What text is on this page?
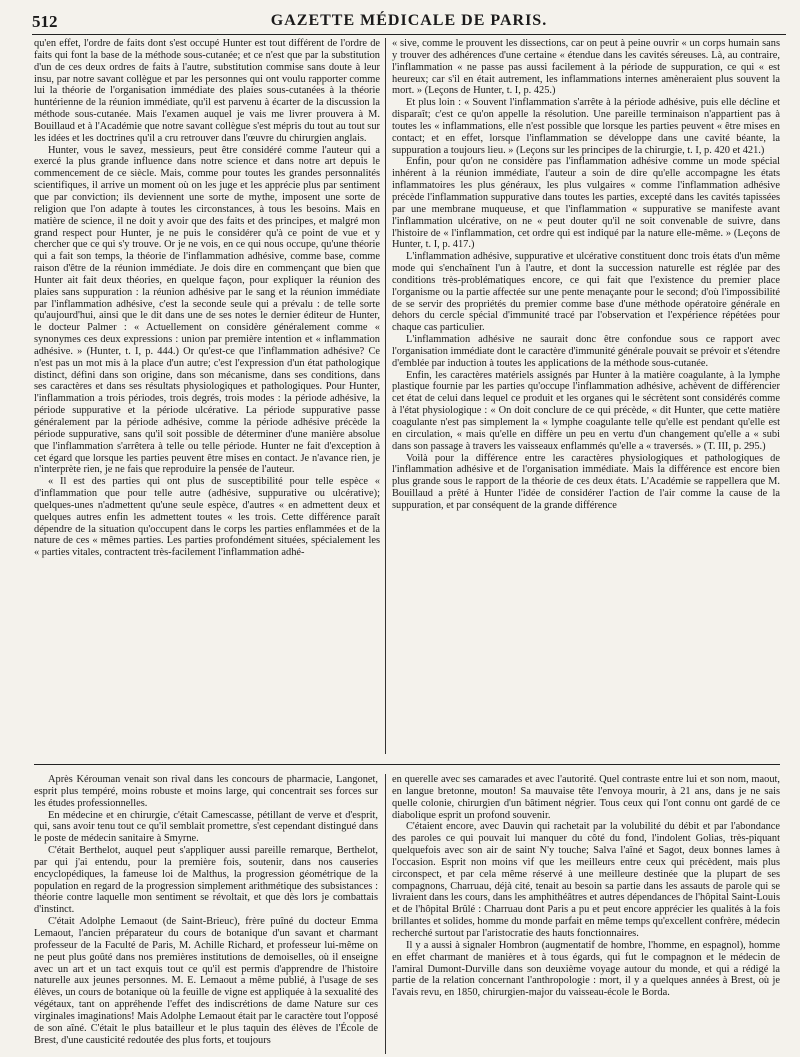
512	GAZETTE MÉDICALE DE PARIS.

qu'en effet, l'ordre de faits dont s'est occupé Hunter est tout différent de l'ordre de faits qui font la base de la méthode sous-cutanée; et ce n'est que par la substitution d'un de ces deux ordres de faits à l'autre, substitution commise sans doute à leur insu, par notre savant collègue et par les personnes qui ont voulu rapporter comme lui la théorie de l'organisation immédiate des plaies sous-cutanées à la théorie huntérienne de la réunion immédiate, qu'il est parvenu à écarter de la discussion la méthode sous-cutanée. Mais l'examen auquel je vais me livrer prouvera à M. Bouillaud et à l'Académie que notre savant collègue s'est mépris du tout au tout sur les idées et les doctrines qu'il a cru retrouver dans l'œuvre du chirurgien anglais.

Hunter, vous le savez, messieurs, peut être considéré comme l'auteur qui a exercé la plus grande influence dans notre science et dans notre art depuis le commencement de ce siècle. Mais, comme pour toutes les grandes personnalités scientifiques, il arrive un moment où on les juge et les apprécie plus par sentiment que par conviction; ils deviennent une sorte de mythe, imposent une sorte de religion que l'on adapte à toutes les circonstances, à tous les besoins. Mais en matière de science, il ne doit y avoir que des faits et des principes, et malgré mon grand respect pour Hunter, je ne puis le considérer qu'à ce point de vue et y chercher que ce qui s'y trouve. Or je ne vois, en ce qui nous occupe, qu'une théorie qui a fait son temps, la théorie de l'inflammation adhésive, comme base, comme raison d'être de la réunion immédiate. Je dois dire en commençant que bien que Hunter ait fait deux théories, en quelque façon, pour expliquer la réunion des plaies sans suppuration : la réunion adhésive par le sang et la réunion immédiate par l'inflammation adhésive, c'est la seconde seule qui a prévalu : de telle sorte qu'aujourd'hui, ainsi que le dit dans une de ses notes le dernier éditeur de Hunter, le docteur Palmer : « Actuellement on considère généralement comme « synonymes ces deux expressions : union par première intention et « inflammation adhésive. » (Hunter, t. I, p. 444.) Or qu'est-ce que l'inflammation adhésive? Ce n'est pas un mot mis à la place d'un autre; c'est l'expression d'un état pathologique distinct, défini dans son origine, dans son mécanisme, dans ses conditions, dans ses caractères et dans ses résultats physiologiques et pathologiques. Pour Hunter, l'inflammation a trois périodes, trois degrés, trois modes : la période adhésive, la période suppurative et la période ulcérative. La période suppurative passe généralement par la période adhésive, comme la période adhésive précède la période suppurative, sans qu'il soit possible de déterminer d'une manière absolue que l'inflammation s'arrêtera à telle ou telle période. Hunter ne fait d'exception à cet égard que lorsque les parties peuvent être mises en contact. Je n'avance rien, je n'interprète rien, je ne fais que reproduire la pensée de l'auteur.

« Il est des parties qui ont plus de susceptibilité pour telle espèce « d'inflammation que pour telle autre (adhésive, suppurative ou ulcérative); quelques-unes n'admettent qu'une seule espèce, d'autres « en admettent deux et quelques autres enfin les admettent toutes « les trois. Cette différence paraît dépendre de la situation qu'occupent dans le corps les parties enflammées et de la nature de ces « mêmes parties. Les parties profondément situées, spécialement les « parties vitales, contractent très-facilement l'inflammation adhé-

« sive, comme le prouvent les dissections, car on peut à peine ouvrir « un corps humain sans y trouver des adhérences d'une certaine « étendue dans les cavités séreuses. Là, au contraire, l'inflammation « ne passe pas aussi facilement à la période de suppuration, ce qui « est heureux; car s'il en était autrement, les inflammations internes amèneraient plus souvent la mort. » (Leçons de Hunter, t. I, p. 425.)

Et plus loin : « Souvent l'inflammation s'arrête à la période adhésive, puis elle décline et disparaît; c'est ce qu'on appelle la résolution. Une pareille terminaison n'appartient pas à toutes les « inflammations, elle n'est possible que lorsque les parties peuvent « être mises en contact; et en effet, lorsque l'inflammation se développe dans une cavité béante, la suppuration a toujours lieu. » (Leçons sur les principes de la chirurgie, t. I, p. 420 et 421.)

Enfin, pour qu'on ne considère pas l'inflammation adhésive comme un mode spécial inhérent à la réunion immédiate, l'auteur a soin de dire qu'elle accompagne les états inflammatoires les plus généraux, les plus vulgaires « comme l'inflammation adhésive précède l'inflammation suppurative dans toutes les parties, excepté dans les cavités tapissées par une membrane muqueuse, et que l'inflammation « suppurative se manifeste avant l'inflammation ulcérative, on ne « peut douter qu'il ne soit convenable de suivre, dans l'histoire de « l'inflammation, cet ordre qui est indiqué par la nature elle-même. » (Leçons de Hunter, t. I, p. 417.)

L'inflammation adhésive, suppurative et ulcérative constituent donc trois états d'un même mode qui s'enchaînent l'un à l'autre, et dont la succession naturelle est réglée par des conditions très-problématiques encore, ce qui fait que l'existence du premier place l'organisme ou la partie affectée sur une pente menaçante pour le second; d'où l'impossibilité de se servir des propriétés du premier comme base d'une méthode opératoire générale en dehors du cercle spécial d'immunité tracé par l'observation et l'expérience répétées pour chaque cas particulier.

L'inflammation adhésive ne saurait donc être confondue sous ce rapport avec l'organisation immédiate dont le caractère d'immunité générale pouvait se prévoir et s'étendre d'emblée par induction à toutes les applications de la méthode sous-cutanée.

Enfin, les caractères matériels assignés par Hunter à la matière coagulante, à la lymphe plastique fournie par les parties qu'occupe l'inflammation adhésive, achèvent de différencier cet état de celui dans lequel ce produit et les organes qui le sécrètent sont considérés comme à l'état physiologique : « On doit conclure de ce qui précède, « dit Hunter, que cette matière coagulante n'est pas simplement la « lymphe coagulante telle qu'elle est pendant qu'elle est en circulation, « mais qu'elle en diffère un peu en vertu d'un changement qu'elle a « subi dans son passage à travers les vaisseaux enflammés qu'elle a « traversés. » (T. III, p. 295.)

Voilà pour la différence entre les caractères physiologiques et pathologiques de l'inflammation adhésive et de l'organisation immédiate. Mais la différence est encore bien plus grande sous le rapport de la théorie de ces deux états. L'Académie se rappellera que M. Bouillaud a prêté à Hunter l'idée de considérer l'action de l'air comme la cause de la suppuration, et par conséquent de la grande différence

Après Kérouman venait son rival dans les concours de pharmacie, Langonet, esprit plus tempéré, moins robuste et moins large, qui concentrait ses forces sur les études professionnelles.

En médecine et en chirurgie, c'était Camescasse, pétillant de verve et d'esprit, qui, sans avoir tenu tout ce qu'il semblait promettre, s'est cependant distingué dans le poste de médecin sanitaire à Smyrne.

C'était Berthelot, auquel peut s'appliquer aussi pareille remarque, Berthelot, par qui j'ai entendu, pour la première fois, soutenir, dans nos causeries encyclopédiques, la fameuse loi de Malthus, la progression géométrique de la population en regard de la progression simplement arithmétique des subsistances : théorie contre laquelle mon sentiment se révoltait, et que dès lors je combattais d'instinct.

C'était Adolphe Lemaout (de Saint-Brieuc), frère puîné du docteur Emma Lemaout, l'ancien préparateur du cours de botanique d'un savant et charmant professeur de la Faculté de Paris, M. Achille Richard, et professeur lui-même on ne peut plus goûté dans nos premières institutions de demoiselles, où il enseigne avec un art et un tact exquis tout ce qu'il est permis d'apprendre de l'histoire naturelle aux jeunes personnes. M. E. Lemaout a même publié, à l'usage de ses élèves, un cours de botanique où la feuille de vigne est appliquée à la sexualité des végétaux, tant on appréhende l'effet des indiscrétions de dame Nature sur ces virginales imaginations! Mais Adolphe Lemaout était par le caractère tout l'opposé de son aîné. C'était le plus batailleur et le plus taquin des élèves de l'École de Brest, d'une causticité redoutée des plus forts, et toujours

en querelle avec ses camarades et avec l'autorité. Quel contraste entre lui et son nom, maout, en langue bretonne, mouton! Sa mauvaise tête l'envoya mourir, à 21 ans, dans je ne sais quelle colonie, chirurgien d'un bâtiment négrier. Tous ceux qui l'ont connu ont gardé de ce diabolique esprit un profond souvenir.

C'étaient encore, avec Dauvin qui rachetait par la volubilité du débit et par l'abondance des paroles ce qui pouvait lui manquer du côté du fond, l'indolent Golias, très-piquant quelquefois avec son air de saint N'y touche; Salva l'aîné et Sagot, deux bonnes lames à l'occasion. Esprit non moins vif que les meilleurs entre ceux qui précèdent, mais plus circonspect, et par cela même réservé à une meilleure destinée que la plupart de ses compagnons, Charruau, déjà cité, tenait au besoin sa partie dans les assauts de parole qui se livraient dans les cours, dans les amphithéâtres et autres dépendances de l'hôpital Saint-Louis et de l'hôpital Brûlé : Charruau dont Paris a pu et peut encore apprécier les qualités à la fois brillantes et solides, homme du monde parfait en même temps qu'excellent confrère, médecin recherché surtout par l'aristocratie des hauts fonctionnaires.

Il y a aussi à signaler Hombron (augmentatif de hombre, l'homme, en espagnol), homme en effet charmant de manières et à tous égards, qui fut le compagnon et le médecin de l'amiral Dumont-Durville dans son deuxième voyage autour du monde, et qui a rédigé la partie de la relation concernant l'anthropologie : mort, il y a quelques années à Brest, où je l'avais revu, en 1850, chirurgien-major du vaisseau-école le Borda.
